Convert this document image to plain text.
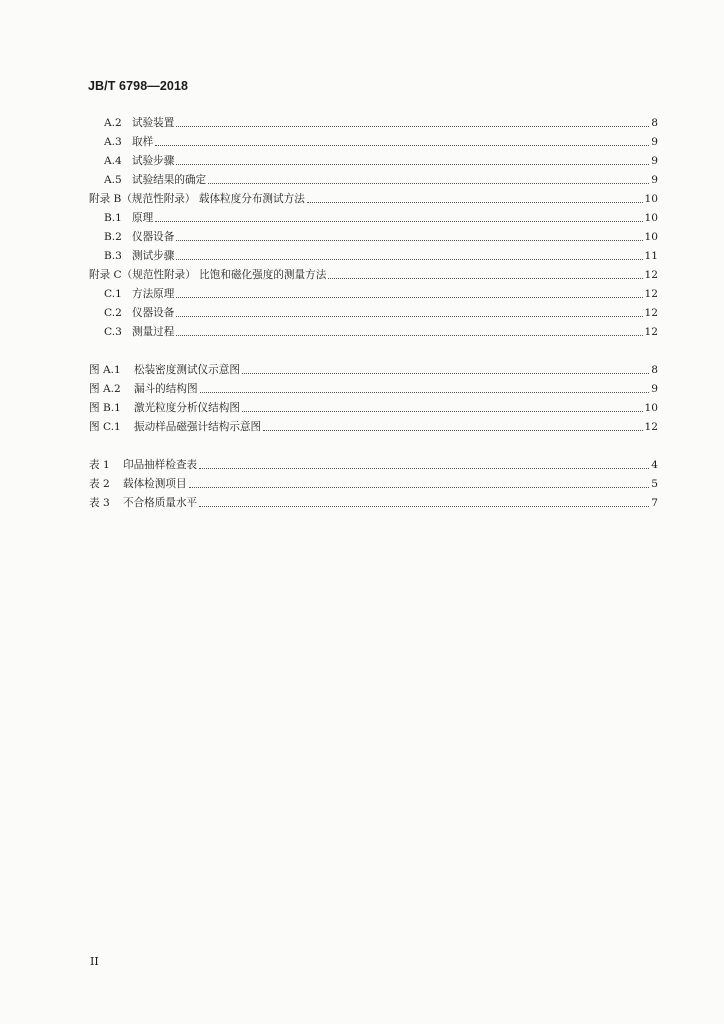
JB/T 6798—2018
A.2 试验装置	8
A.3 取样	9
A.4 试验步骤	9
A.5 试验结果的确定	9
附录 B（规范性附录） 载体粒度分布测试方法	10
B.1 原理	10
B.2 仪器设备	10
B.3 测试步骤	11
附录 C（规范性附录） 比饱和磁化强度的测量方法	12
C.1 方法原理	12
C.2 仪器设备	12
C.3 测量过程	12
图 A.1	松装密度测试仪示意图	8
图 A.2	漏斗的结构图	9
图 B.1	激光粒度分析仪结构图	10
图 C.1	振动样品磁强计结构示意图	12
表 1	印品抽样检查表	4
表 2	载体检测项目	5
表 3	不合格质量水平	7
II
